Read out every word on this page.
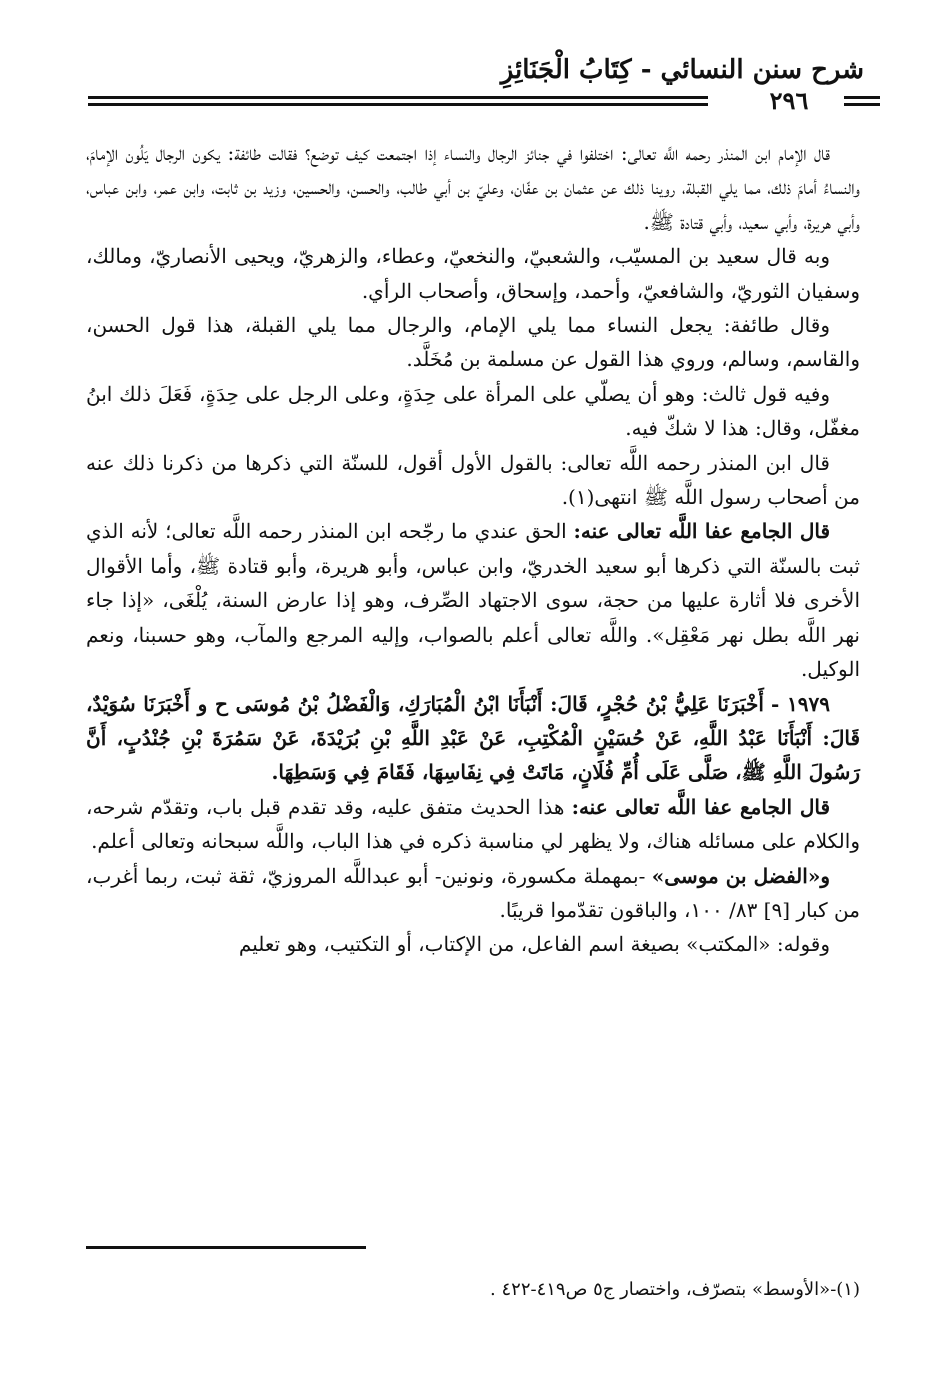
شرح سنن النسائي - كِتَابُ الْجَنَائِزِ
٢٩٦

قال الإمام ابن المنذر رحمه اللَّه تعالى: اختلفوا في جنائز الرجال والنساء إذا اجتمعت كيف توضع؟ فقالت طائفة: يكون الرجال يَلُون الإمامَ، والنساءُ أمامَ ذلك، مما يلي القبلة، روينا ذلك عن عثمان بن عفّان، وعليّ بن أبي طالب، والحسن، والحسين، وزيد بن ثابت، وابن عمر، وابن عباس، وأبي هريرة، وأبي سعيد، وأبي قتادة ﷺ.

وبه قال سعيد بن المسيّب، والشعبيّ، والنخعيّ، وعطاء، والزهريّ، ويحيى الأنصاريّ، ومالك، وسفيان الثوريّ، والشافعيّ، وأحمد، وإسحاق، وأصحاب الرأي.

وقال طائفة: يجعل النساء مما يلي الإمام، والرجال مما يلي القبلة، هذا قول الحسن، والقاسم، وسالم، وروي هذا القول عن مسلمة بن مُخَلَّد.

وفيه قول ثالث: وهو أن يصلّي على المرأة على حِدَةٍ، وعلى الرجل على حِدَةٍ، فَعَلَ ذلك ابنُ مغفّل، وقال: هذا لا شكّ فيه.

قال ابن المنذر رحمه اللَّه تعالى: بالقول الأول أقول، للسنّة التي ذكرها من ذكرنا ذلك عنه من أصحاب رسول اللَّه ﷺ انتهى(١).

قال الجامع عفا اللَّه تعالى عنه: الحق عندي ما رجّحه ابن المنذر رحمه اللَّه تعالى؛ لأنه الذي ثبت بالسنّة التي ذكرها أبو سعيد الخدريّ، وابن عباس، وأبو هريرة، وأبو قتادة ﷺ، وأما الأقوال الأخرى فلا أثارة عليها من حجة، سوى الاجتهاد الصِّرف، وهو إذا عارض السنة، يُلْغَى، «إذا جاء نهر اللَّه بطل نهر مَعْقِل». واللَّه تعالى أعلم بالصواب، وإليه المرجع والمآب، وهو حسبنا، ونعم الوكيل.

١٩٧٩ - أَخْبَرَنَا عَلِيُّ بْنُ حُجْرٍ، قَالَ: أَنْبَأَنَا ابْنُ الْمُبَارَكِ، وَالْفَضْلُ بْنُ مُوسَى ح و أَخْبَرَنَا سُوَيْدٌ، قَالَ: أَنْبَأَنَا عَبْدُ اللَّهِ، عَنْ حُسَيْنٍ الْمُكْتِبِ، عَنْ عَبْدِ اللَّهِ بْنِ بُرَيْدَةَ، عَنْ سَمُرَةَ بْنِ جُنْدُبٍ، أَنَّ رَسُولَ اللَّهِ ﷺ، صَلَّى عَلَى أُمِّ فُلَانٍ، مَاتَتْ فِي نِفَاسِهَا، فَقَامَ فِي وَسَطِهَا.

قال الجامع عفا اللَّه تعالى عنه: هذا الحديث متفق عليه، وقد تقدم قبل باب، وتقدّم شرحه، والكلام على مسائله هناك، ولا يظهر لي مناسبة ذكره في هذا الباب، واللَّه سبحانه وتعالى أعلم.

و«الفضل بن موسى» -بمهملة مكسورة، ونونين- أبو عبداللَّه المروزيّ، ثقة ثبت، ربما أغرب، من كبار [٩] ٨٣/ ١٠٠، والباقون تقدّموا قريبًا.

وقوله: «المكتب» بصيغة اسم الفاعل، من الإكتاب، أو التكتيب، وهو تعليم

(١)-«الأوسط» بتصرّف، واختصار ج٥ ص٤١٩-٤٢٢ .
